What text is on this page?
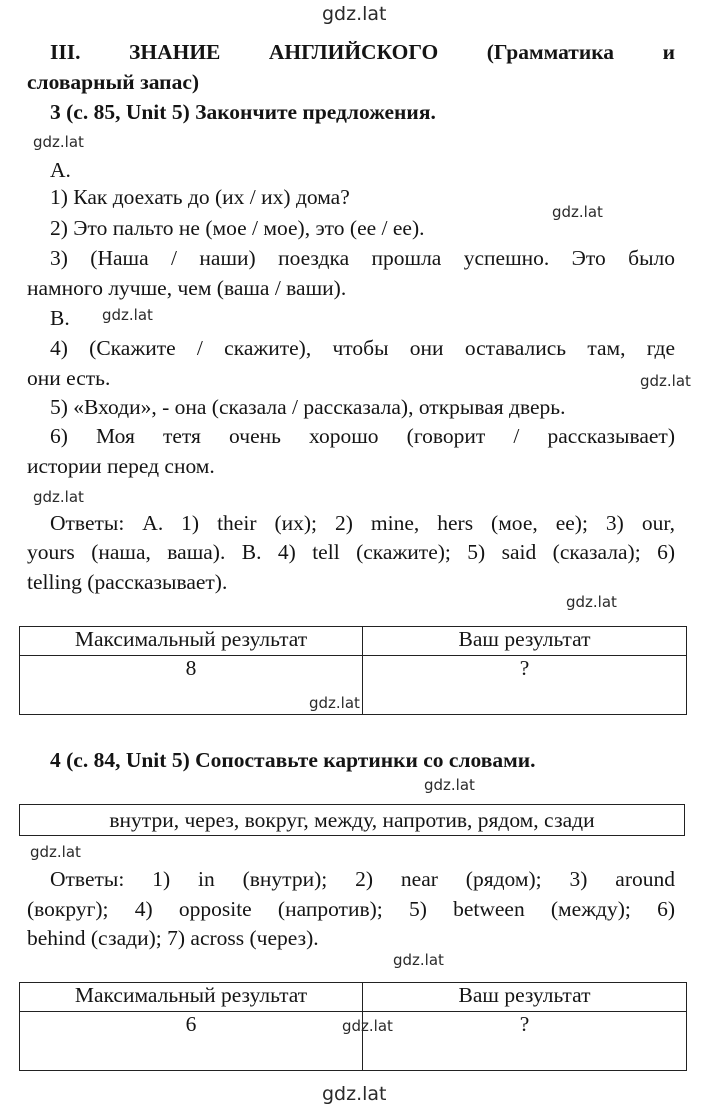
gdz.lat
gdz.lat
gdz.lat
gdz.lat
gdz.lat
gdz.lat
gdz.lat
gdz.lat
gdz.lat
gdz.lat
gdz.lat
gdz.lat
gdz.lat
III. ЗНАНИЕ АНГЛИЙСКОГО (Грамматика и
словарный запас)
3 (с. 85, Unit 5) Закончите предложения.
А.
1) Как доехать до (их / их) дома?
2) Это пальто не (мое / мое), это (ее / ее).
3) (Наша / наши) поездка прошла успешно. Это было
намного лучше, чем (ваша / ваши).
В.
4) (Скажите / скажите), чтобы они оставались там, где
они есть.
5) «Входи», - она (сказала / рассказала), открывая дверь.
6) Моя тетя очень хорошо (говорит / рассказывает)
истории перед сном.
Ответы: А. 1) their (их); 2) mine, hers (мое, ее); 3) our,
yours (наша, ваша). В. 4) tell (скажите); 5) said (сказала); 6)
telling (рассказывает).
Максимальный результат	Ваш результат
8	?
4 (с. 84, Unit 5) Сопоставьте картинки со словами.
внутри, через, вокруг, между, напротив, рядом, сзади
Ответы: 1) in (внутри); 2) near (рядом); 3) around
(вокруг); 4) opposite (напротив); 5) between (между); 6)
behind (сзади); 7) across (через).
Максимальный результат	Ваш результат
6	?
